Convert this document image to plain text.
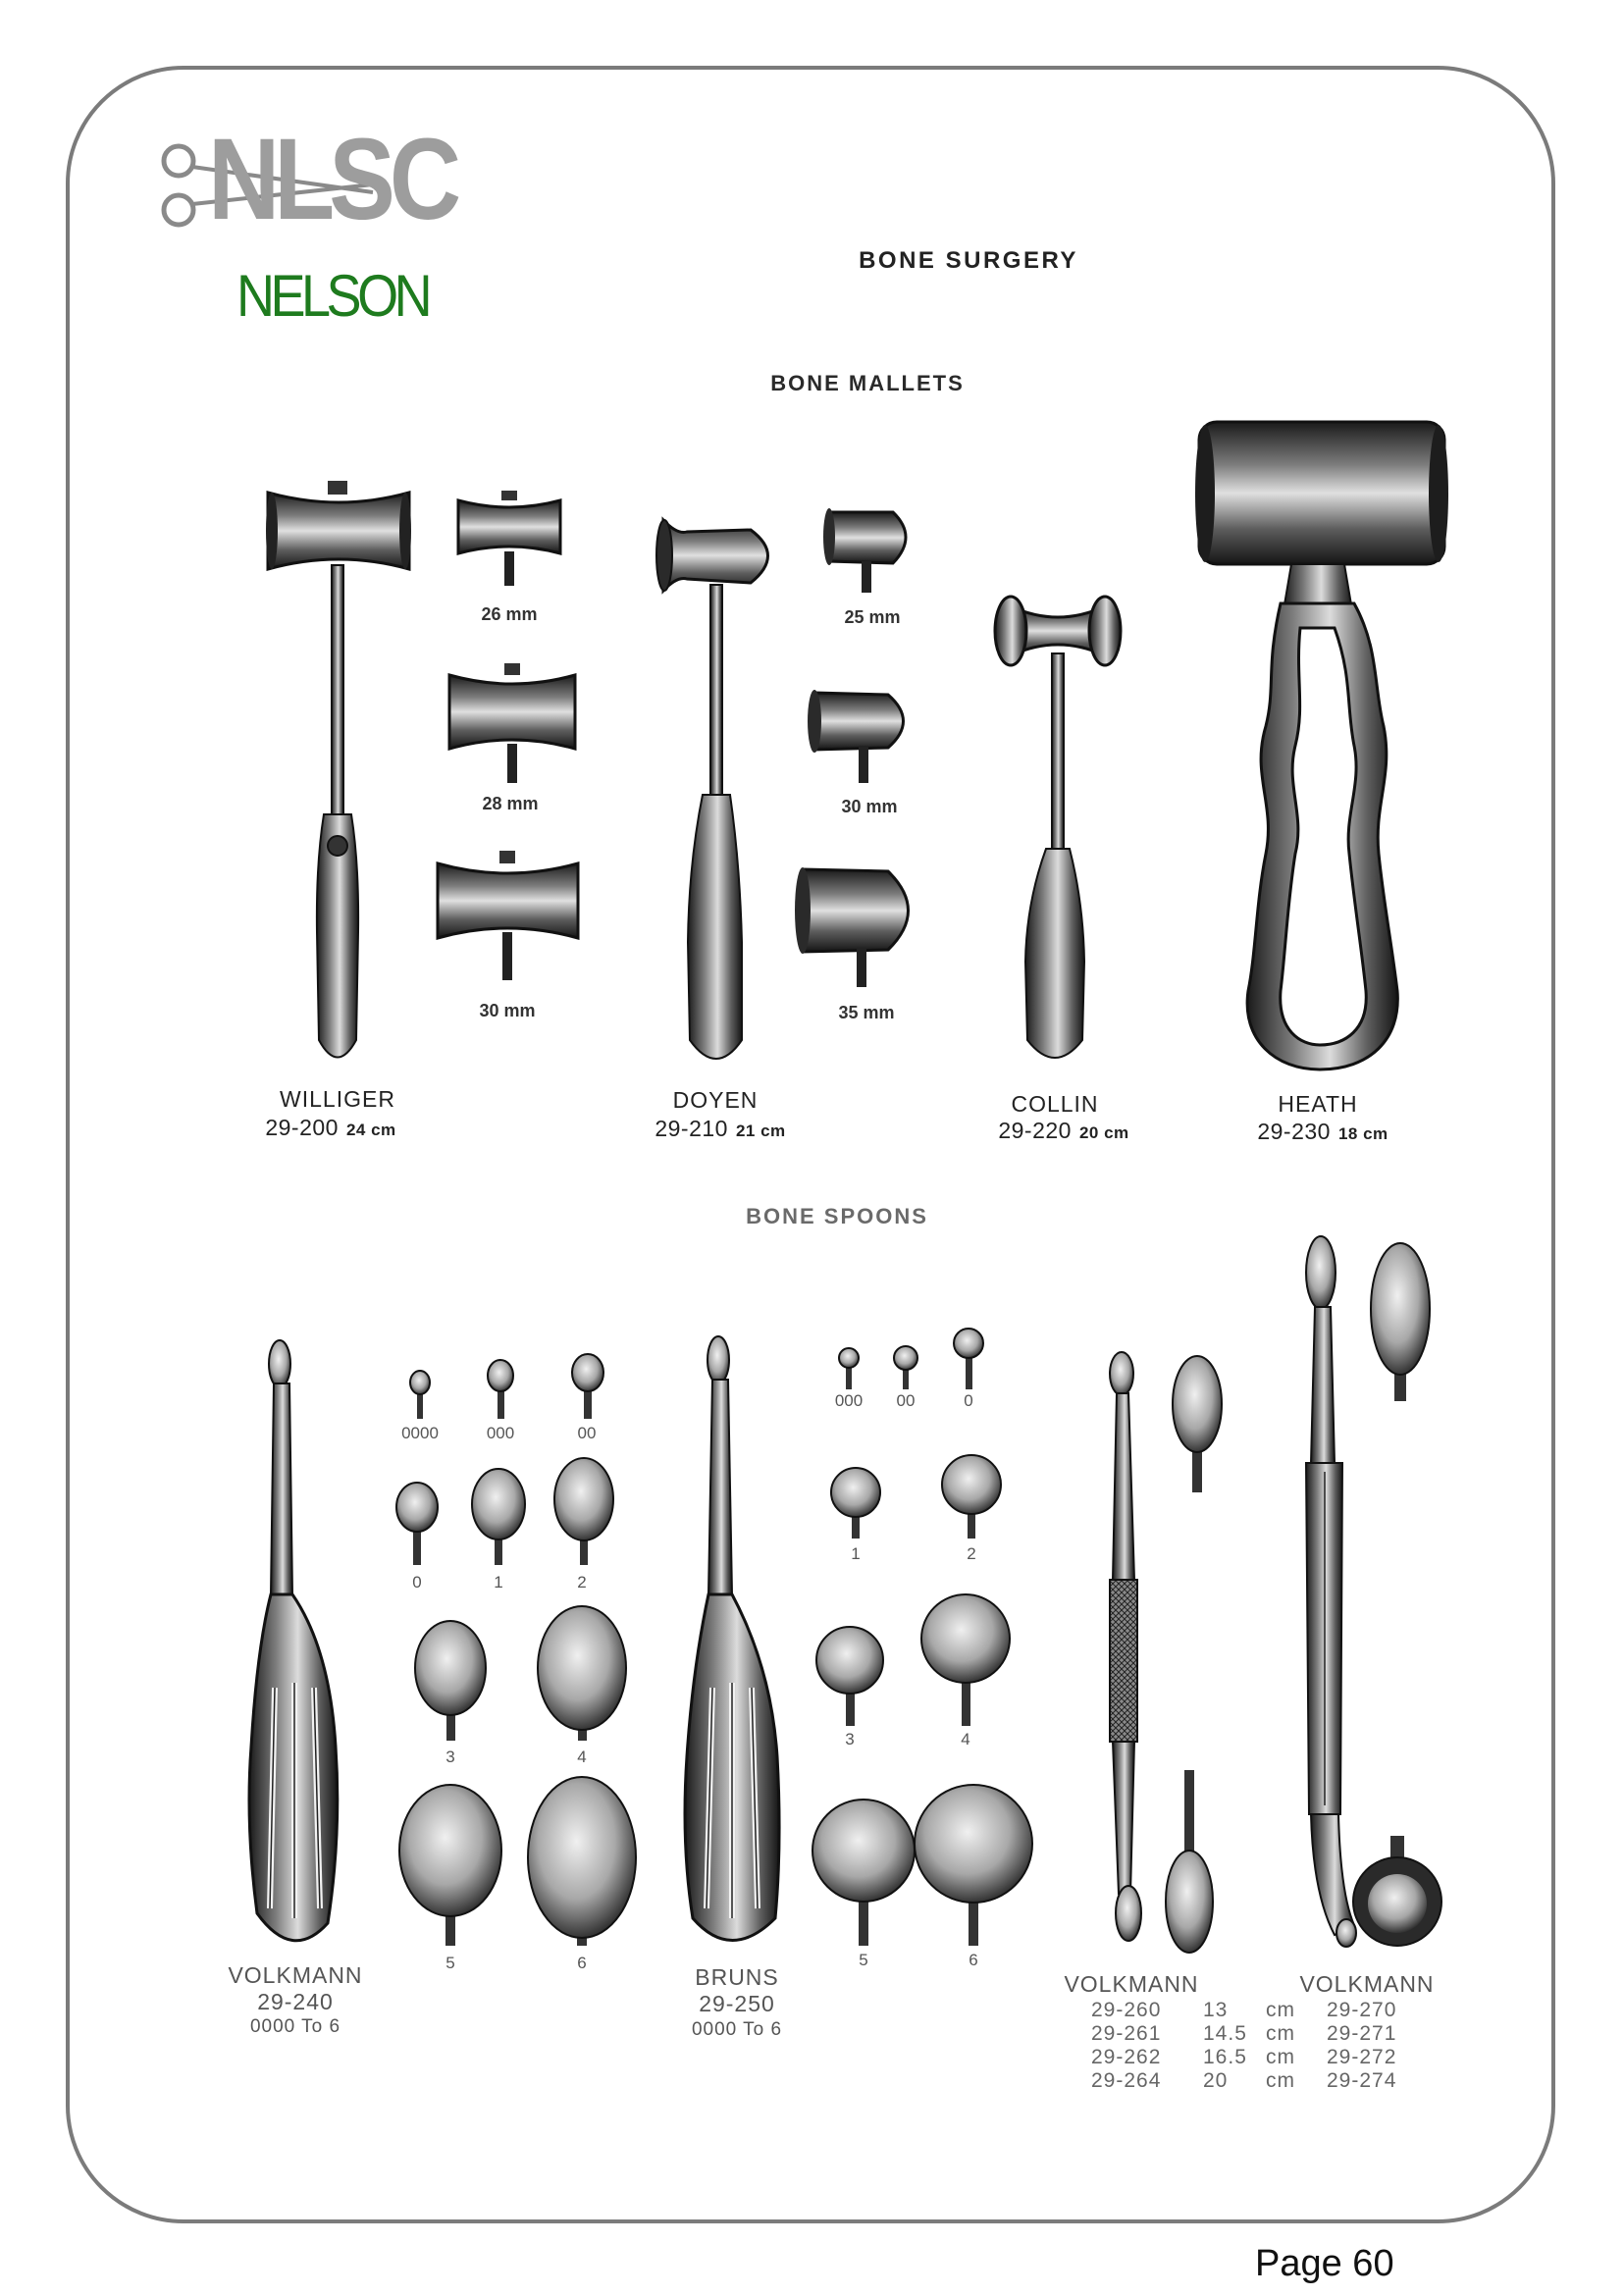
NLSC
NELSON
BONE SURGERY
BONE MALLETS
26 mm
28 mm
30 mm
25 mm
30 mm
35 mm
WILLIGER
29-200 24 cm
DOYEN
29-210 21 cm
COLLIN
29-220 20 cm
HEATH
29-230 18 cm
BONE SPOONS
0000	000	00
0	1	2
3	4
5	6
000 00	0
1	2
3	4
5	6
VOLKMANN
29-240
0000 To 6
BRUNS
29-250
0000 To 6
VOLKMANN	VOLKMANN
29-260 13 cm 29-270
29-261 14.5 cm 29-271
29-262 16.5 cm 29-272
29-264 20 cm 29-274
Page 60
